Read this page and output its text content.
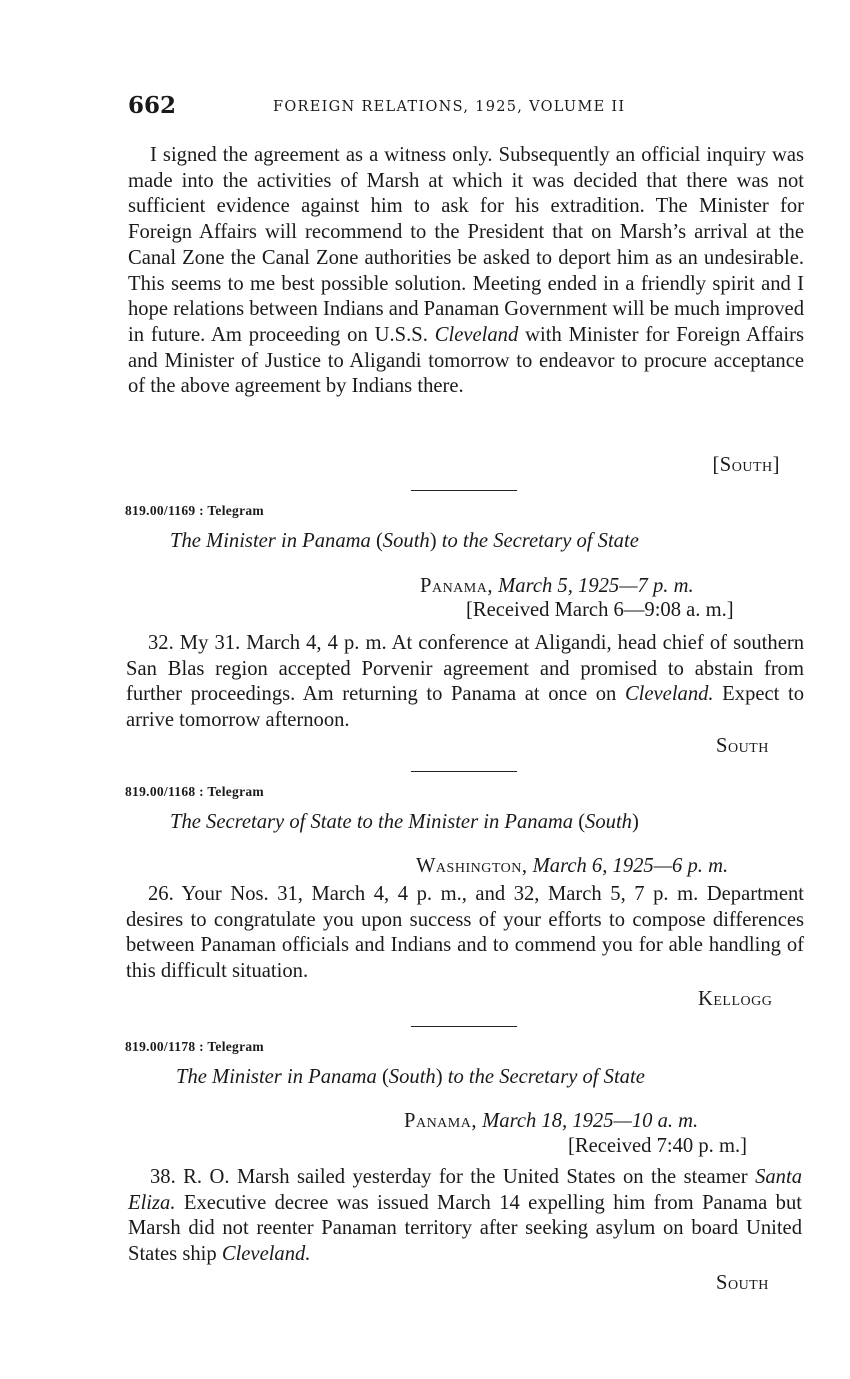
662	FOREIGN RELATIONS, 1925, VOLUME II

I signed the agreement as a witness only. Subsequently an official inquiry was made into the activities of Marsh at which it was decided that there was not sufficient evidence against him to ask for his extradition. The Minister for Foreign Affairs will recommend to the President that on Marsh’s arrival at the Canal Zone the Canal Zone authorities be asked to deport him as an undesirable. This seems to me best possible solution. Meeting ended in a friendly spirit and I hope relations between Indians and Panaman Government will be much improved in future. Am proceeding on U.S.S. Cleveland with Minister for Foreign Affairs and Minister of Justice to Aligandi tomorrow to endeavor to procure acceptance of the above agreement by Indians there.

[South]
819.00/1169 : Telegram
The Minister in Panama (South) to the Secretary of State
Panama, March 5, 1925—7 p. m.
[Received March 6—9:08 a. m.]

32. My 31. March 4, 4 p. m. At conference at Aligandi, head chief of southern San Blas region accepted Porvenir agreement and promised to abstain from further proceedings. Am returning to Panama at once on Cleveland. Expect to arrive tomorrow afternoon.

South
819.00/1168 : Telegram
The Secretary of State to the Minister in Panama (South)
Washington, March 6, 1925—6 p. m.

26. Your Nos. 31, March 4, 4 p. m., and 32, March 5, 7 p. m. Department desires to congratulate you upon success of your efforts to compose differences between Panaman officials and Indians and to commend you for able handling of this difficult situation.

Kellogg
819.00/1178 : Telegram
The Minister in Panama (South) to the Secretary of State
Panama, March 18, 1925—10 a. m.
[Received 7:40 p. m.]

38. R. O. Marsh sailed yesterday for the United States on the steamer Santa Eliza. Executive decree was issued March 14 expelling him from Panama but Marsh did not reenter Panaman territory after seeking asylum on board United States ship Cleveland.

South
